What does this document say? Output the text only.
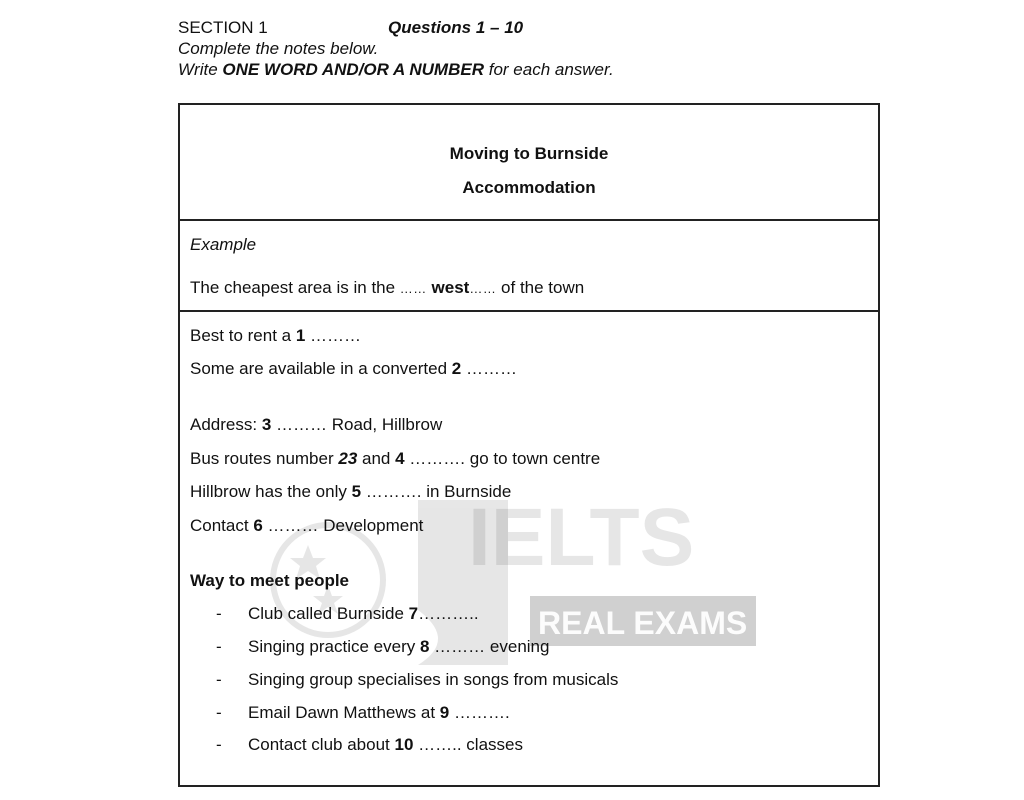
SECTION 1	Questions 1 – 10
Complete the notes below.
Write ONE WORD AND/OR A NUMBER for each answer.
IELTS
REAL EXAMS
Moving to Burnside
Accommodation
Example
The cheapest area is in the …… west…… of the town
Best to rent a 1 ………
Some are available in a converted 2 ………
Address: 3 ……… Road, Hillbrow
Bus routes number 23 and 4 ………. go to town centre
Hillbrow has the only 5 ………. in Burnside
Contact 6 ……… Development
Way to meet people
- Club called Burnside 7………..
- Singing practice every 8 ……… evening
- Singing group specialises in songs from musicals
- Email Dawn Matthews at 9 ……….
- Contact club about 10 …….. classes
